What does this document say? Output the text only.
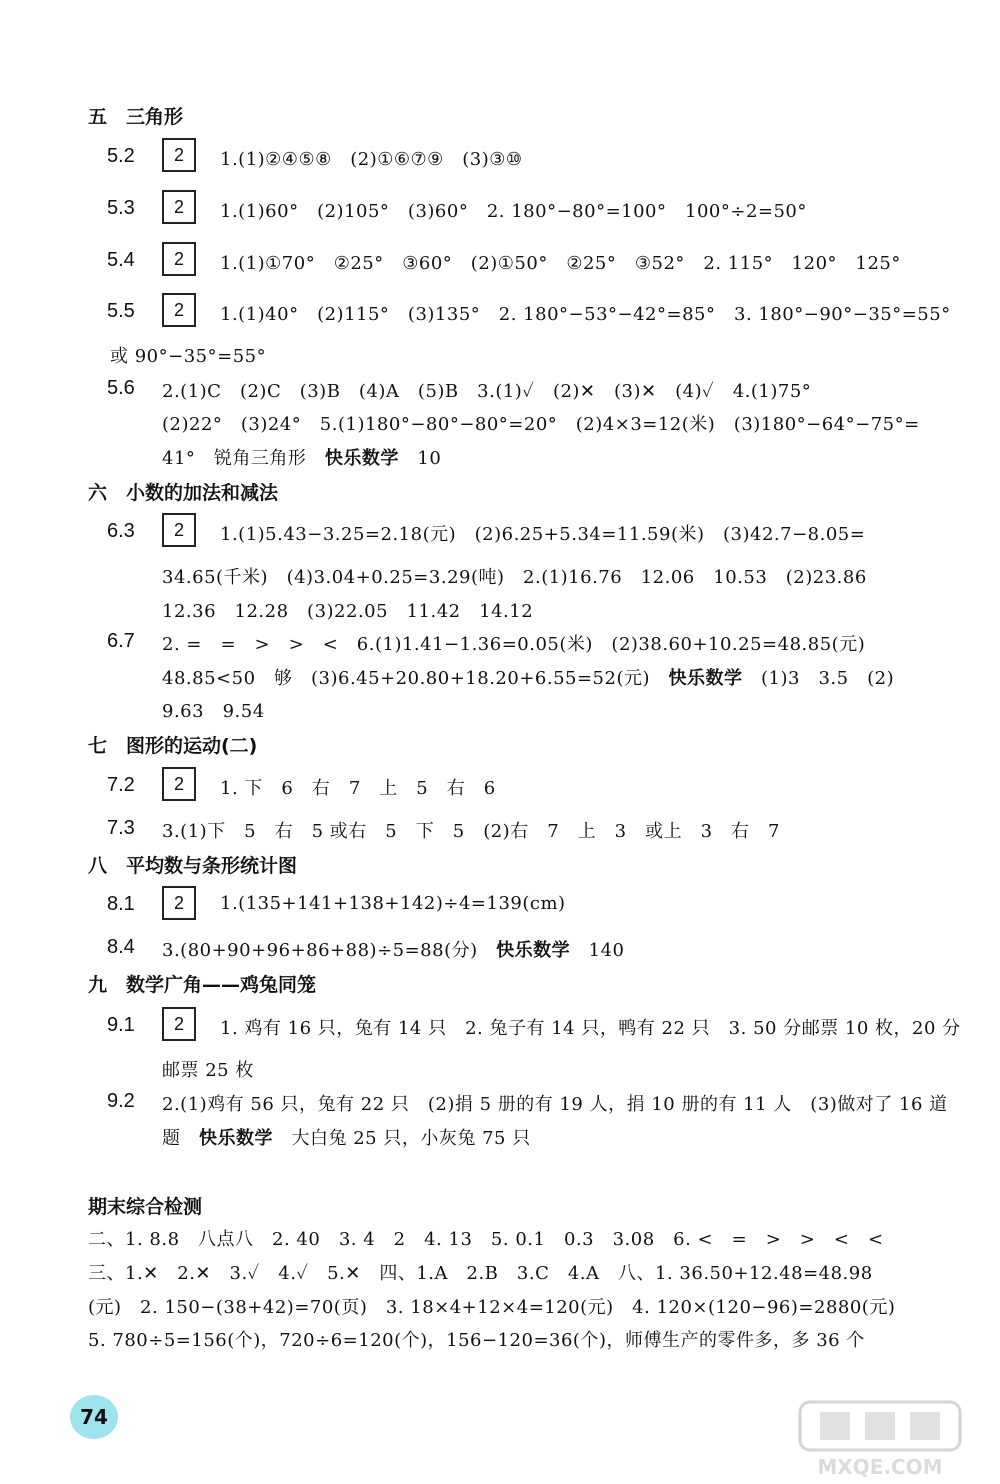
五　三角形
5.2	2	1.(1)②④⑤⑧　(2)①⑥⑦⑨　(3)③⑩
5.3	2	1.(1)60°　(2)105°　(3)60°　2. 180°−80°=100°　100°÷2=50°
5.4	2	1.(1)①70°　②25°　③60°　(2)①50°　②25°　③52°　2. 115°　120°　125°
5.5	2	1.(1)40°　(2)115°　(3)135°　2. 180°−53°−42°=85°　3. 180°−90°−35°=55°
或 90°−35°=55°
5.6 2.(1)C　(2)C　(3)B　(4)A　(5)B　3.(1)✓　(2)✕　(3)✕　(4)✓　4.(1)75°
(2)22°　(3)24°　5.(1)180°−80°−80°=20°　(2)4×3=12(米)　(3)180°−64°−75°=
41°　锐角三角形　 快乐数学　 10
六　小数的加法和减法
6.3	2	1.(1)5.43−3.25=2.18(元)　(2)6.25+5.34=11.59(米)　(3)42.7−8.05=
34.65(千米)　(4)3.04+0.25=3.29(吨)　2.(1)16.76　12.06　10.53　(2)23.86
12.36　12.28　(3)22.05　11.42　14.12
6.7 2. =　=　>　>　<　6.(1)1.41−1.36=0.05(米)　(2)38.60+10.25=48.85(元)
48.85<50　够　(3)6.45+20.80+18.20+6.55=52(元)　 快乐数学　 (1)3　3.5　(2)
9.63　9.54
七　图形的运动(二)
7.2	2	1. 下　6　右　7　上　5　右　6
7.3 3.(1)下　5　右　5 或右　5　下　5　(2)右　7　上　3　或上　3　右　7
八　平均数与条形统计图
8.1	2	1.(135+141+138+142)÷4=139(cm)
8.4 3.(80+90+96+86+88)÷5=88(分)　 快乐数学　 140
九　数学广角——鸡兔同笼
9.1	2	1. 鸡有 16 只，兔有 14 只　2. 兔子有 14 只，鸭有 22 只　3. 50 分邮票 10 枚，20 分
邮票 25 枚
9.2 2.(1)鸡有 56 只，兔有 22 只　(2)捐 5 册的有 19 人，捐 10 册的有 11 人　(3)做对了 16 道
题　 快乐数学　 大白兔 25 只，小灰兔 75 只
期末综合检测
二、1. 8.8　八点八　2. 40　3. 4　2　4. 13　5. 0.1　0.3　3.08　6. <　=　>　>　<　<
三、1.✕　2.✕　3.✓　4.✓　5.✕　四、1.A　2.B　3.C　4.A　八、1. 36.50+12.48=48.98
(元)　2. 150−(38+42)=70(页)　3. 18×4+12×4=120(元)　4. 120×(120−96)=2880(元)
5. 780÷5=156(个)，720÷6=120(个)，156−120=36(个)，师傅生产的零件多，多 36 个
74
MXQE.COM
